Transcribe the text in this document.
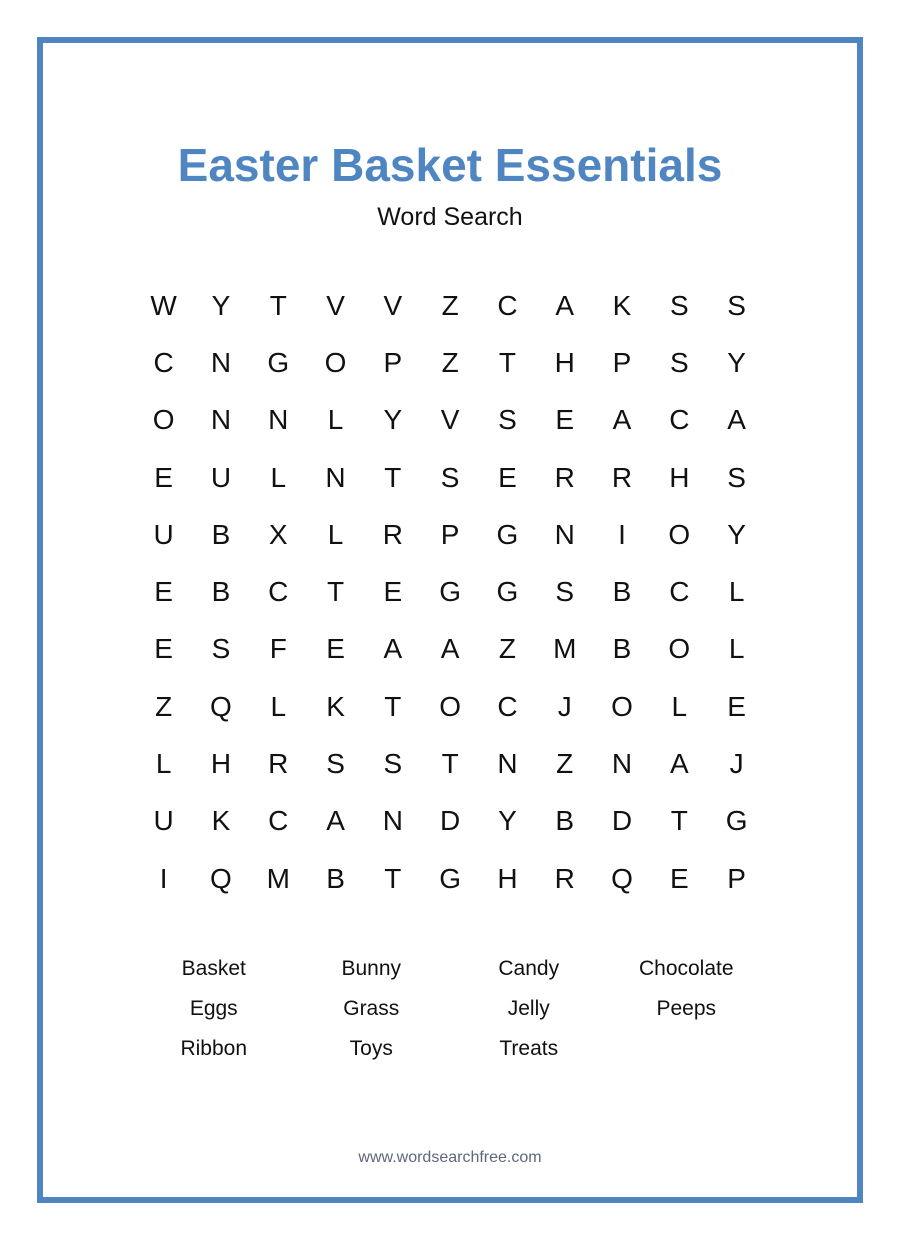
Easter Basket Essentials
Word Search
W	Y	T	V	V	Z	C	A	K	S	S
C	N	G	O	P	Z	T	H	P	S	Y
O	N	N	L	Y	V	S	E	A	C	A
E	U	L	N	T	S	E	R	R	H	S
U	B	X	L	R	P	G	N	I	O	Y
E	B	C	T	E	G	G	S	B	C	L
E	S	F	E	A	A	Z	M	B	O	L
Z	Q	L	K	T	O	C	J	O	L	E
L	H	R	S	S	T	N	Z	N	A	J
U	K	C	A	N	D	Y	B	D	T	G
I	Q	M	B	T	G	H	R	Q	E	P
Basket	Bunny	Candy	Chocolate
Eggs	Grass	Jelly	Peeps
Ribbon	Toys	Treats
www.wordsearchfree.com
